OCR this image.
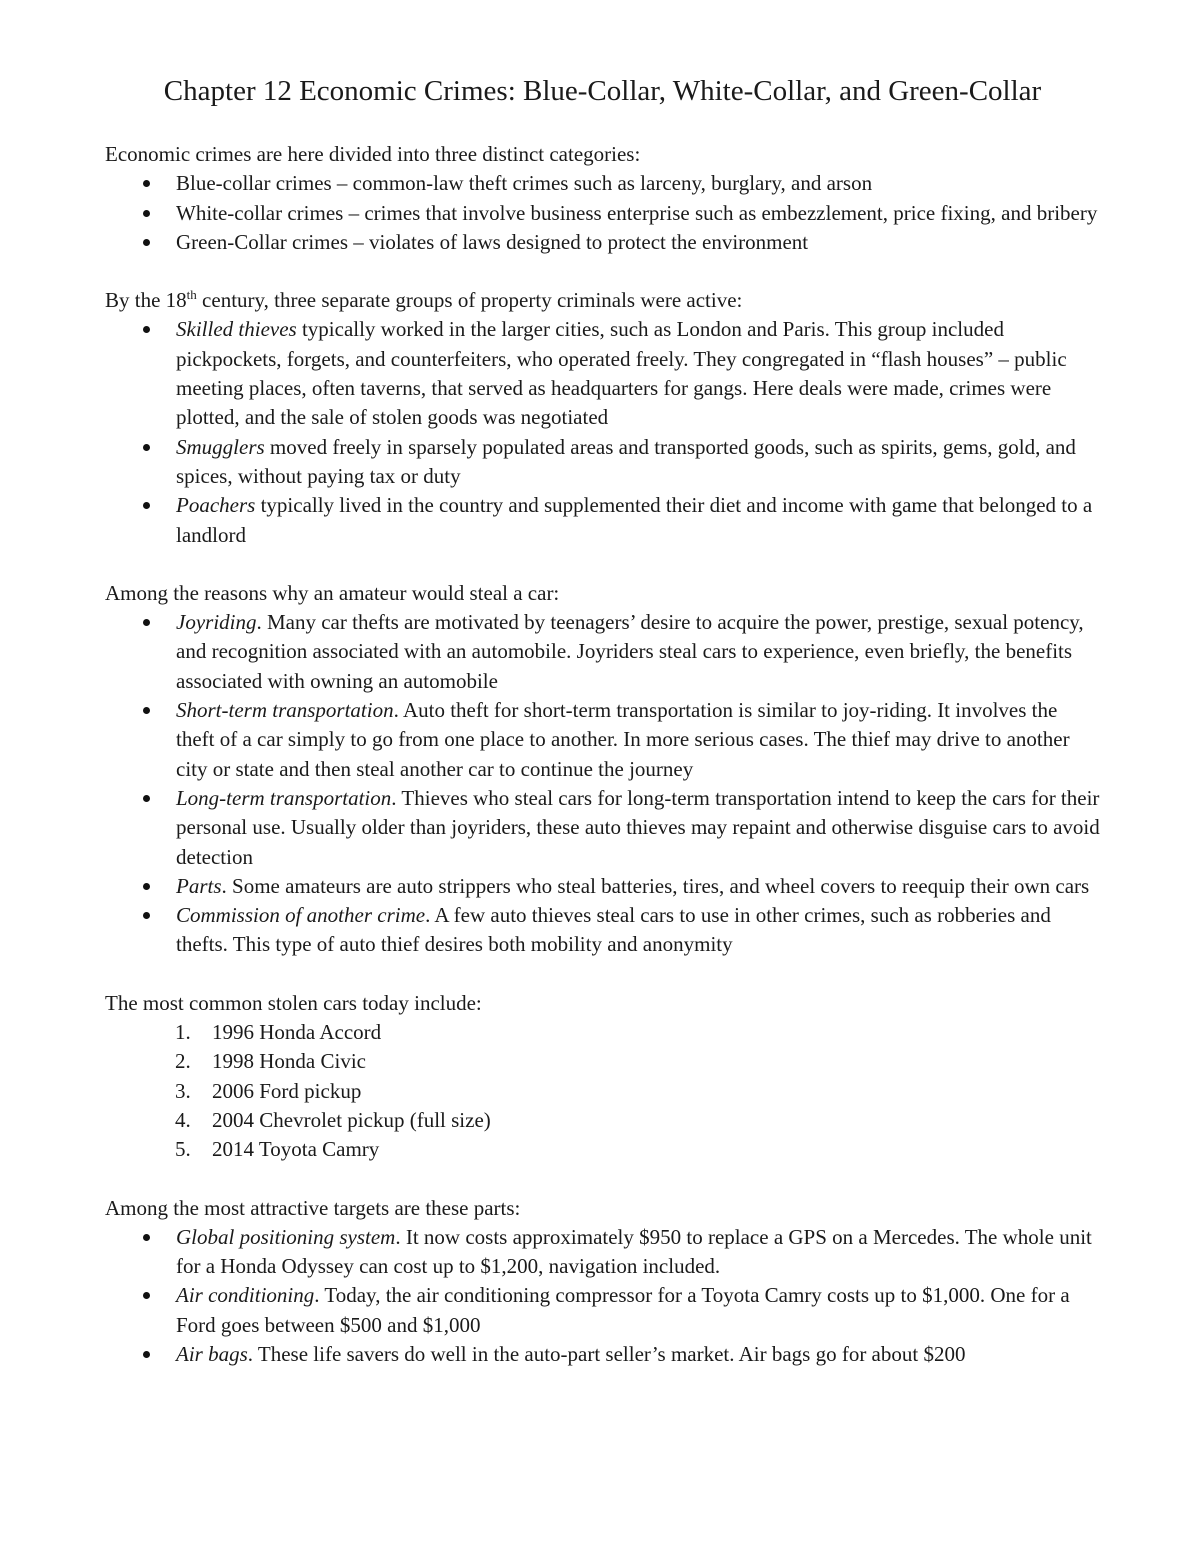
Chapter 12 Economic Crimes: Blue-Collar, White-Collar, and Green-Collar

Economic crimes are here divided into three distinct categories:

Blue-collar crimes – common-law theft crimes such as larceny, burglary, and arson
White-collar crimes – crimes that involve business enterprise such as embezzlement, price fixing, and bribery
Green-Collar crimes – violates of laws designed to protect the environment

By the 18th century, three separate groups of property criminals were active:

Skilled thieves typically worked in the larger cities, such as London and Paris. This group included pickpockets, forgets, and counterfeiters, who operated freely. They congregated in “flash houses” – public meeting places, often taverns, that served as headquarters for gangs. Here deals were made, crimes were plotted, and the sale of stolen goods was negotiated
Smugglers moved freely in sparsely populated areas and transported goods, such as spirits, gems, gold, and spices, without paying tax or duty
Poachers typically lived in the country and supplemented their diet and income with game that belonged to a landlord

Among the reasons why an amateur would steal a car:

Joyriding. Many car thefts are motivated by teenagers’ desire to acquire the power, prestige, sexual potency, and recognition associated with an automobile. Joyriders steal cars to experience, even briefly, the benefits associated with owning an automobile
Short-term transportation. Auto theft for short-term transportation is similar to joy-riding. It involves the theft of a car simply to go from one place to another. In more serious cases. The thief may drive to another city or state and then steal another car to continue the journey
Long-term transportation. Thieves who steal cars for long-term transportation intend to keep the cars for their personal use. Usually older than joyriders, these auto thieves may repaint and otherwise disguise cars to avoid detection
Parts. Some amateurs are auto strippers who steal batteries, tires, and wheel covers to reequip their own cars
Commission of another crime. A few auto thieves steal cars to use in other crimes, such as robberies and thefts. This type of auto thief desires both mobility and anonymity

The most common stolen cars today include:

1. 1996 Honda Accord
2. 1998 Honda Civic
3. 2006 Ford pickup
4. 2004 Chevrolet pickup (full size)
5. 2014 Toyota Camry

Among the most attractive targets are these parts:

Global positioning system. It now costs approximately $950 to replace a GPS on a Mercedes. The whole unit for a Honda Odyssey can cost up to $1,200, navigation included.
Air conditioning. Today, the air conditioning compressor for a Toyota Camry costs up to $1,000. One for a Ford goes between $500 and $1,000
Air bags. These life savers do well in the auto-part seller’s market. Air bags go for about $200
